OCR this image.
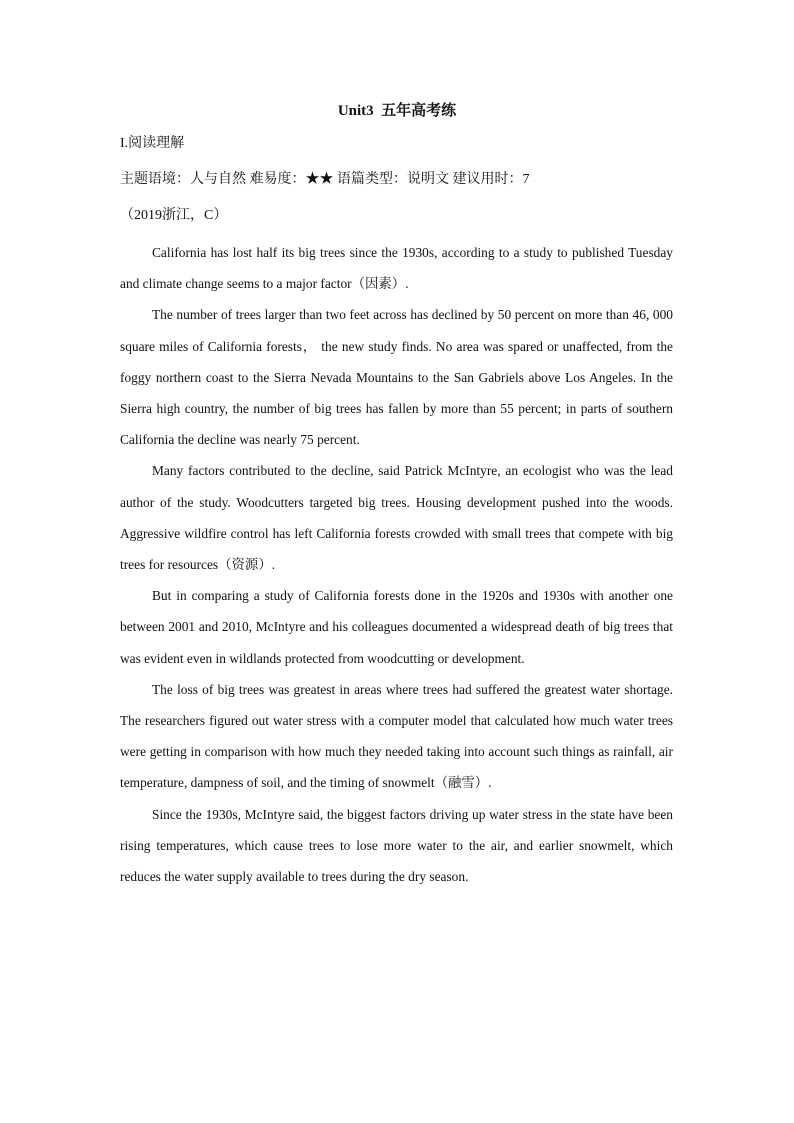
Unit3  五年高考练
I.阅读理解
主题语境：人与自然 难易度：★★ 语篇类型：说明文 建议用时：7
（2019浙江，C）

California has lost half its big trees since the 1930s, according to a study to published Tuesday and climate change seems to a major factor（因素）.

The number of trees larger than two feet across has declined by 50 percent on more than 46, 000 square miles of California forests， the new study finds. No area was spared or unaffected, from the foggy northern coast to the Sierra Nevada Mountains to the San Gabriels above Los Angeles. In the Sierra high country, the number of big trees has fallen by more than 55 percent; in parts of southern California the decline was nearly 75 percent.

Many factors contributed to the decline, said Patrick McIntyre, an ecologist who was the lead author of the study. Woodcutters targeted big trees. Housing development pushed into the woods. Aggressive wildfire control has left California forests crowded with small trees that compete with big trees for resources（资源）.

But in comparing a study of California forests done in the 1920s and 1930s with another one between 2001 and 2010, McIntyre and his colleagues documented a widespread death of big trees that was evident even in wildlands protected from woodcutting or development.

The loss of big trees was greatest in areas where trees had suffered the greatest water shortage. The researchers figured out water stress with a computer model that calculated how much water trees were getting in comparison with how much they needed taking into account such things as rainfall, air temperature, dampness of soil, and the timing of snowmelt（融雪）.

Since the 1930s, McIntyre said, the biggest factors driving up water stress in the state have been rising temperatures, which cause trees to lose more water to the air, and earlier snowmelt, which reduces the water supply available to trees during the dry season.
